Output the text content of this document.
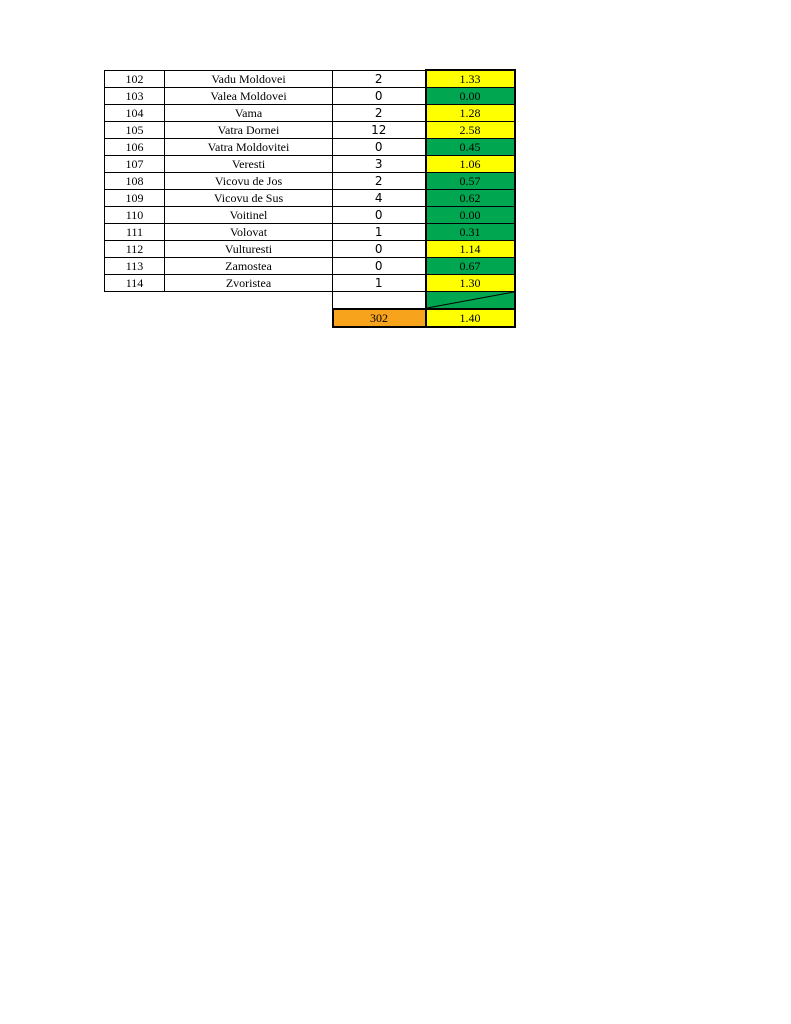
102	Vadu Moldovei	2	1.33
103	Valea Moldovei	0	0.00
104	Vama	2	1.28
105	Vatra Dornei	12	2.58
106	Vatra Moldovitei	0	0.45
107	Veresti	3	1.06
108	Vicovu de Jos	2	0.57
109	Vicovu de Sus	4	0.62
110	Voitinel	0	0.00
111	Volovat	1	0.31
112	Vulturesti	0	1.14
113	Zamostea	0	0.67
114	Zvoristea	1	1.30

		302	1.40
